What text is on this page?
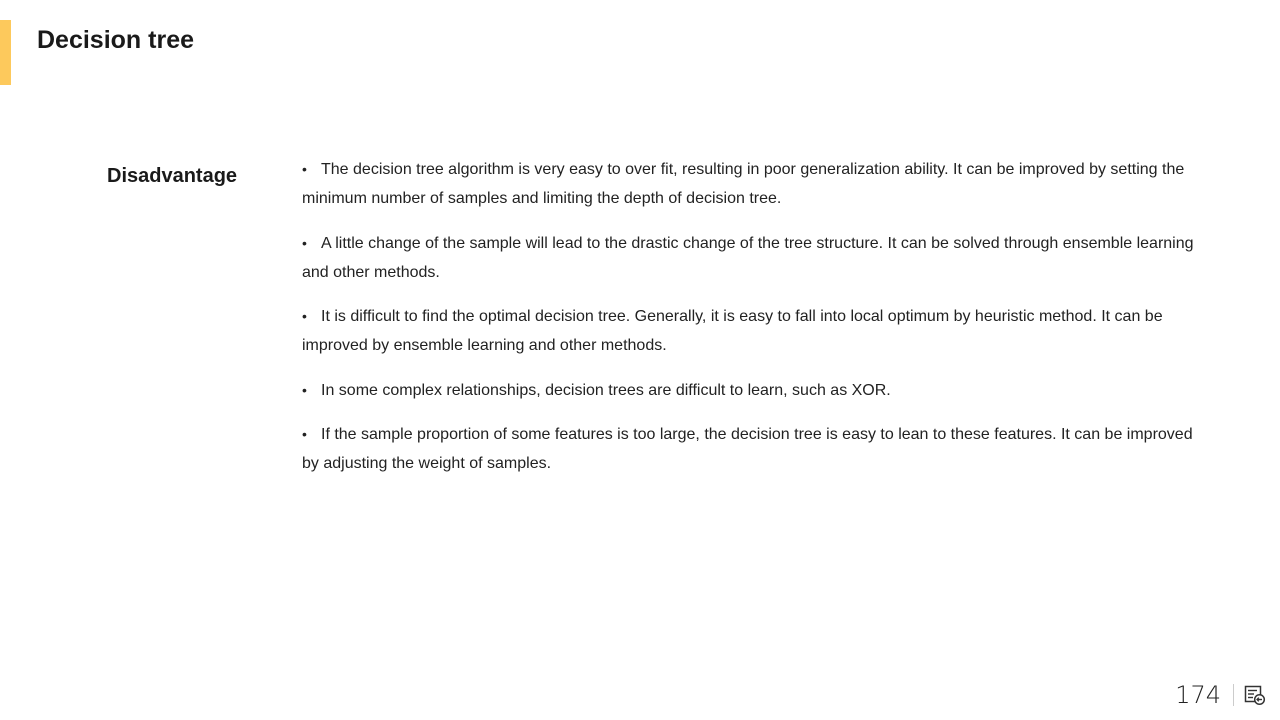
Decision tree
Disadvantage	• The decision tree algorithm is very easy to over fit, resulting in poor generalization ability. It can be improved by setting the minimum number of samples and limiting the depth of decision tree.
• A little change of the sample will lead to the drastic change of the tree structure. It can be solved through ensemble learning and other methods.
• It is difficult to find the optimal decision tree. Generally, it is easy to fall into local optimum by heuristic method. It can be improved by ensemble learning and other methods.
• In some complex relationships, decision trees are difficult to learn, such as XOR.
• If the sample proportion of some features is too large, the decision tree is easy to lean to these features. It can be improved by adjusting the weight of samples.
174
